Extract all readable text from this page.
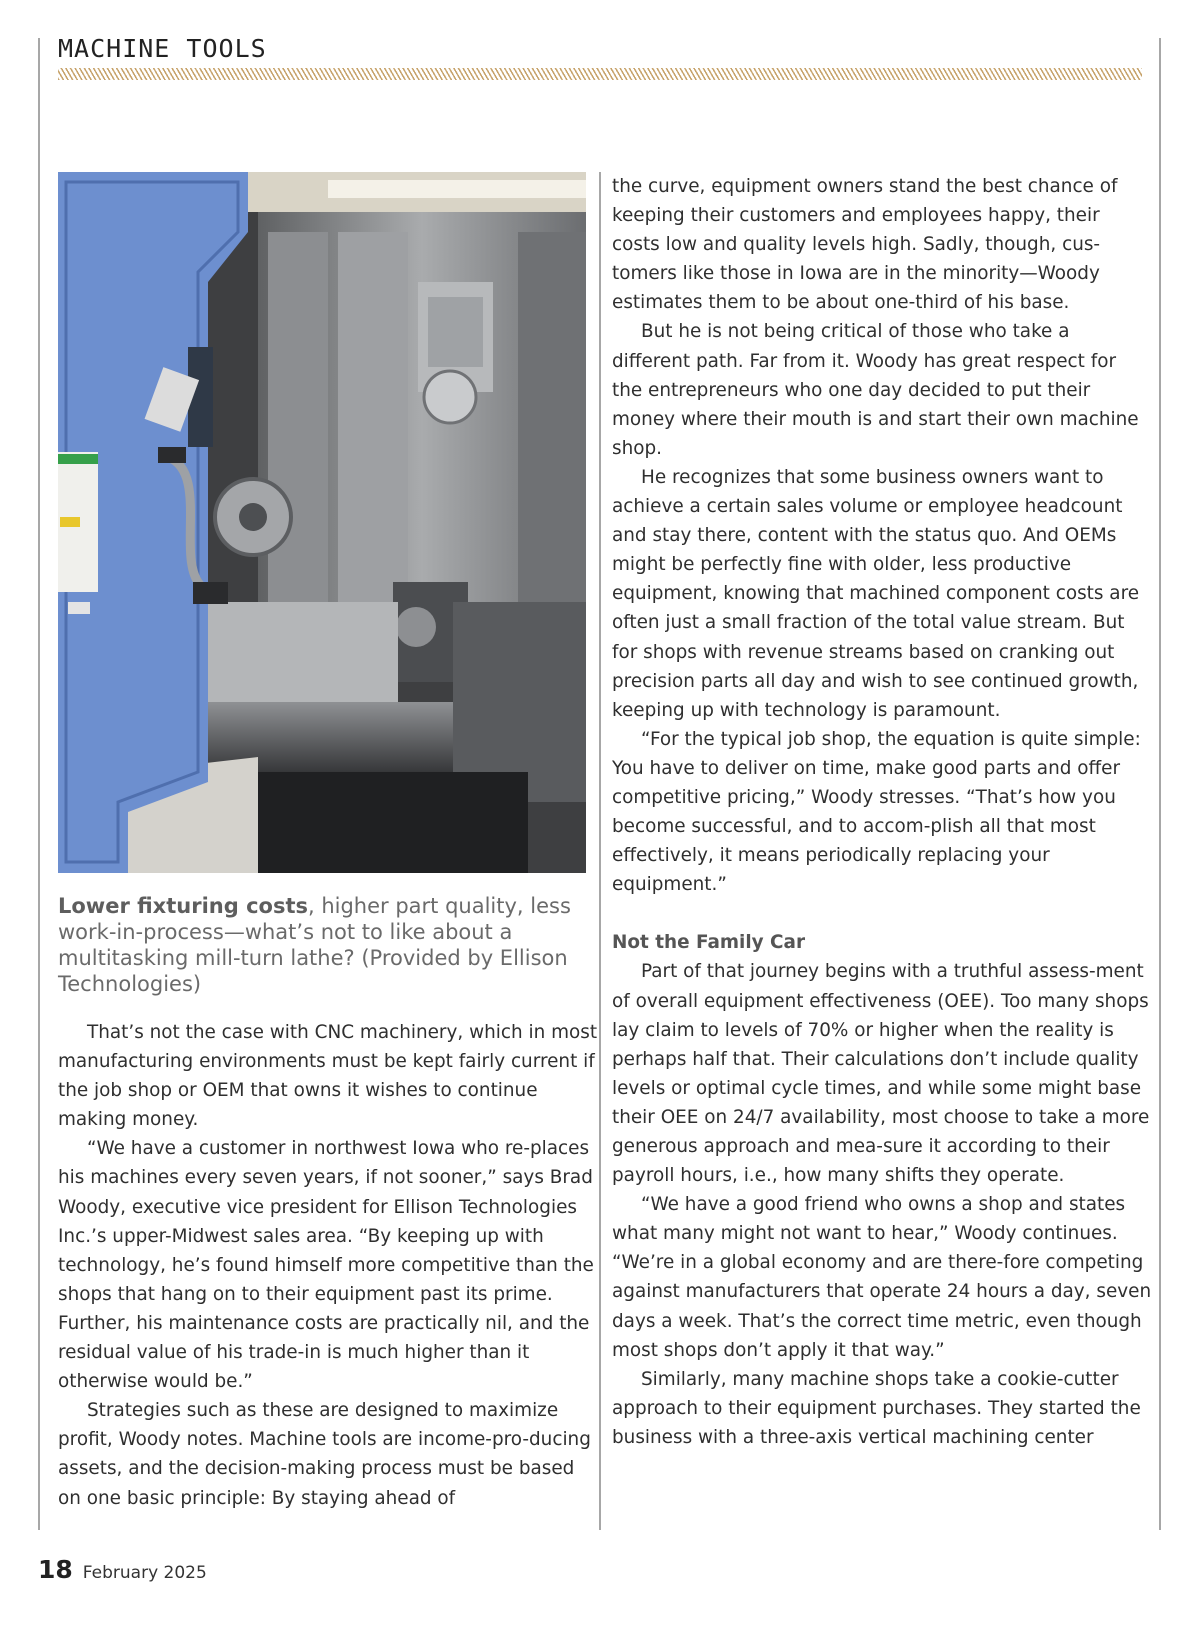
MACHINE TOOLS
Lower fixturing costs, higher part quality, less work-in-process—what’s not to like about a multitasking mill-turn lathe? (Provided by Ellison Technologies)

That’s not the case with CNC machinery, which in most manufacturing environments must be kept fairly current if the job shop or OEM that owns it wishes to continue making money.

“We have a customer in northwest Iowa who re-places his machines every seven years, if not sooner,” says Brad Woody, executive vice president for Ellison Technologies Inc.’s upper-Midwest sales area. “By keeping up with technology, he’s found himself more competitive than the shops that hang on to their equipment past its prime. Further, his maintenance costs are practically nil, and the residual value of his trade-in is much higher than it otherwise would be.”

Strategies such as these are designed to maximize profit, Woody notes. Machine tools are income-pro-ducing assets, and the decision-making process must be based on one basic principle: By staying ahead of

the curve, equipment owners stand the best chance of keeping their customers and employees happy, their costs low and quality levels high. Sadly, though, cus-tomers like those in Iowa are in the minority—Woody estimates them to be about one-third of his base.

But he is not being critical of those who take a different path. Far from it. Woody has great respect for the entrepreneurs who one day decided to put their money where their mouth is and start their own machine shop.

He recognizes that some business owners want to achieve a certain sales volume or employee headcount and stay there, content with the status quo. And OEMs might be perfectly fine with older, less productive equipment, knowing that machined component costs are often just a small fraction of the total value stream. But for shops with revenue streams based on cranking out precision parts all day and wish to see continued growth, keeping up with technology is paramount.

“For the typical job shop, the equation is quite simple: You have to deliver on time, make good parts and offer competitive pricing,” Woody stresses. “That’s how you become successful, and to accom-plish all that most effectively, it means periodically replacing your equipment.”

Not the Family Car

Part of that journey begins with a truthful assess-ment of overall equipment effectiveness (OEE). Too many shops lay claim to levels of 70% or higher when the reality is perhaps half that. Their calculations don’t include quality levels or optimal cycle times, and while some might base their OEE on 24/7 availability, most choose to take a more generous approach and mea-sure it according to their payroll hours, i.e., how many shifts they operate.

“We have a good friend who owns a shop and states what many might not want to hear,” Woody continues. “We’re in a global economy and are there-fore competing against manufacturers that operate 24 hours a day, seven days a week. That’s the correct time metric, even though most shops don’t apply it that way.”

Similarly, many machine shops take a cookie-cutter approach to their equipment purchases. They started the business with a three-axis vertical machining center

18 February 2025
